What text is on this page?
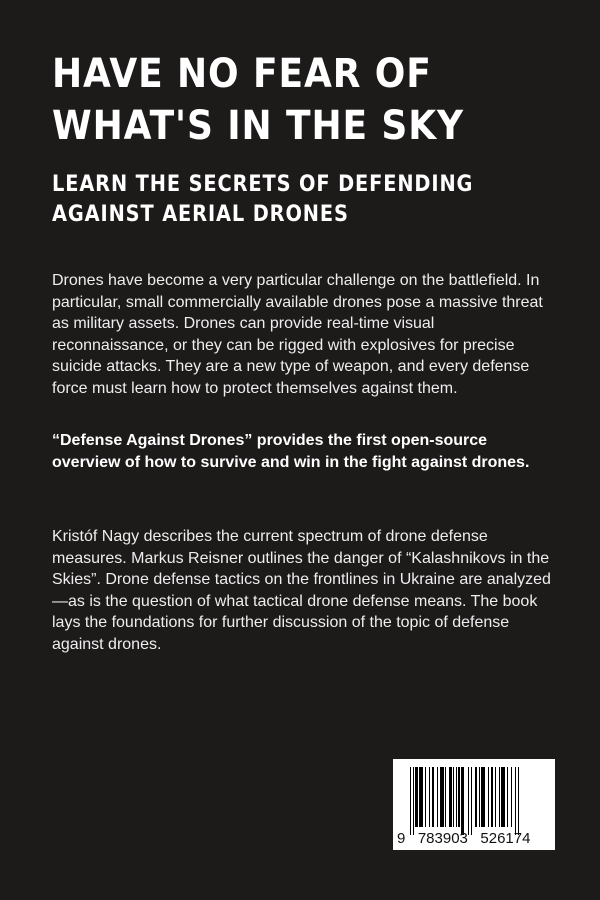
HAVE NO FEAR OF
WHAT'S IN THE SKY
LEARN THE SECRETS OF DEFENDING
AGAINST AERIAL DRONES
Drones have become a very particular challenge on the battlefield. In particular, small commercially available drones pose a massive threat as military assets. Drones can provide real-time visual reconnaissance, or they can be rigged with explosives for precise suicide attacks. They are a new type of weapon, and every defense force must learn how to protect themselves against them.
“Defense Against Drones” provides the first open-source overview of how to survive and win in the fight against drones.
Kristóf Nagy describes the current spectrum of drone defense measures. Markus Reisner outlines the danger of “Kalashnikovs in the Skies”. Drone defense tactics on the frontlines in Ukraine are analyzed—as is the question of what tactical drone defense means. The book lays the foundations for further discussion of the topic of defense against drones.
9   783903   526174
